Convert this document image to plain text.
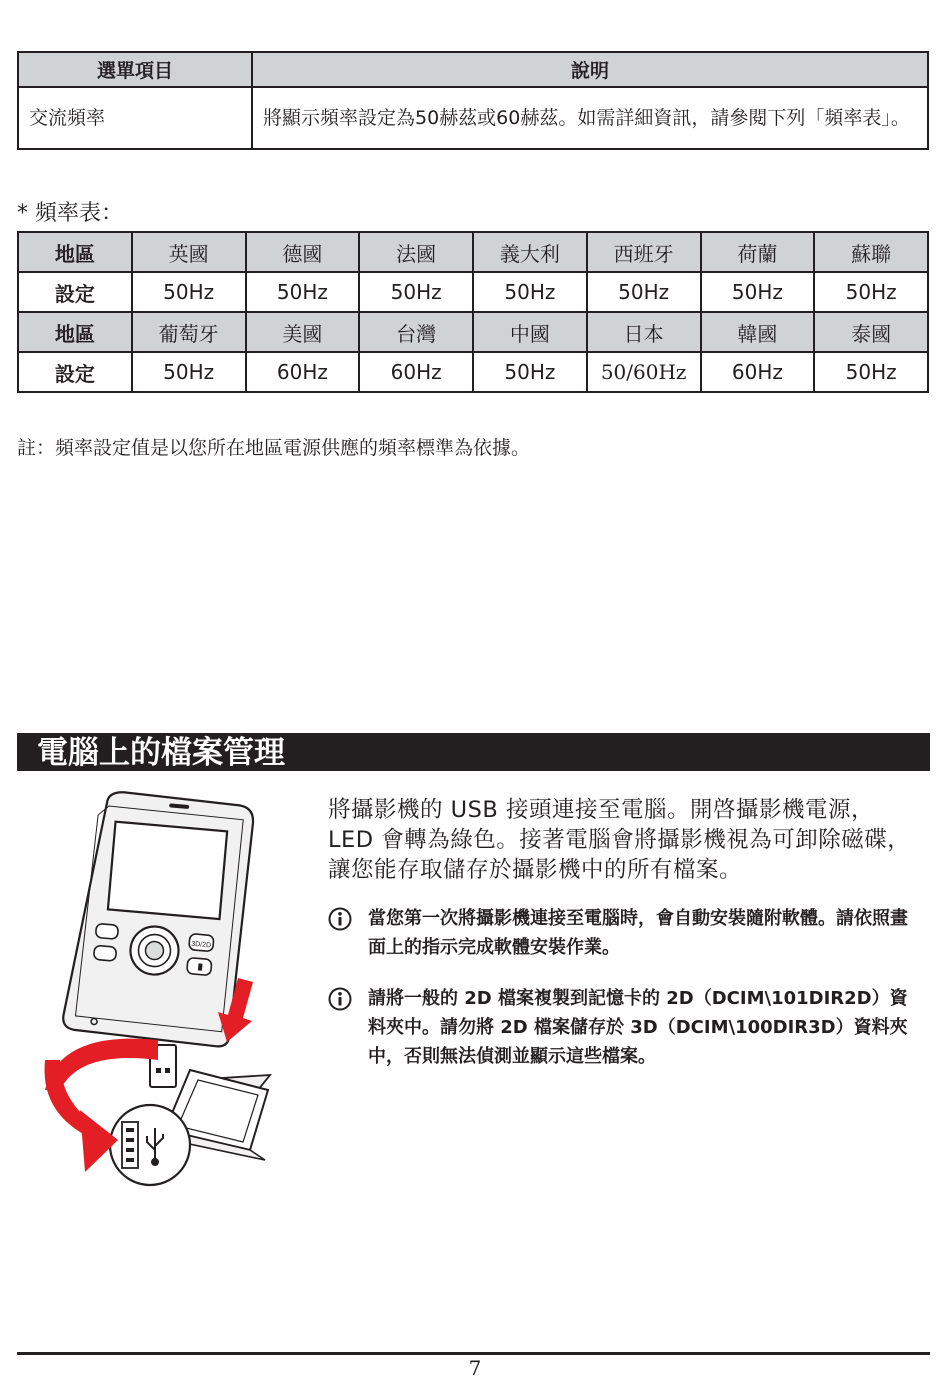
選單項目	說明
交流頻率	將顯示頻率設定為50赫茲或60赫茲。如需詳細資訊，請參閱下列「頻率表」。
* 頻率表：
地區	英國	德國	法國	義大利	西班牙	荷蘭	蘇聯
設定	50Hz	50Hz	50Hz	50Hz	50Hz	50Hz	50Hz
地區	葡萄牙	美國	台灣	中國	日本	韓國	泰國
設定	50Hz	60Hz	60Hz	50Hz	50/60Hz	60Hz	50Hz
註：頻率設定值是以您所在地區電源供應的頻率標準為依據。
電腦上的檔案管理
3D/2D
將攝影機的 USB 接頭連接至電腦。開啓攝影機電源，LED 會轉為綠色。接著電腦會將攝影機視為可卸除磁碟，讓您能存取儲存於攝影機中的所有檔案。
當您第一次將攝影機連接至電腦時，會自動安裝隨附軟體。請依照畫面上的指示完成軟體安裝作業。
請將一般的 2D 檔案複製到記憶卡的 2D（DCIM\101DIR2D）資料夾中。請勿將 2D 檔案儲存於 3D（DCIM\100DIR3D）資料夾中，否則無法偵測並顯示這些檔案。
7
